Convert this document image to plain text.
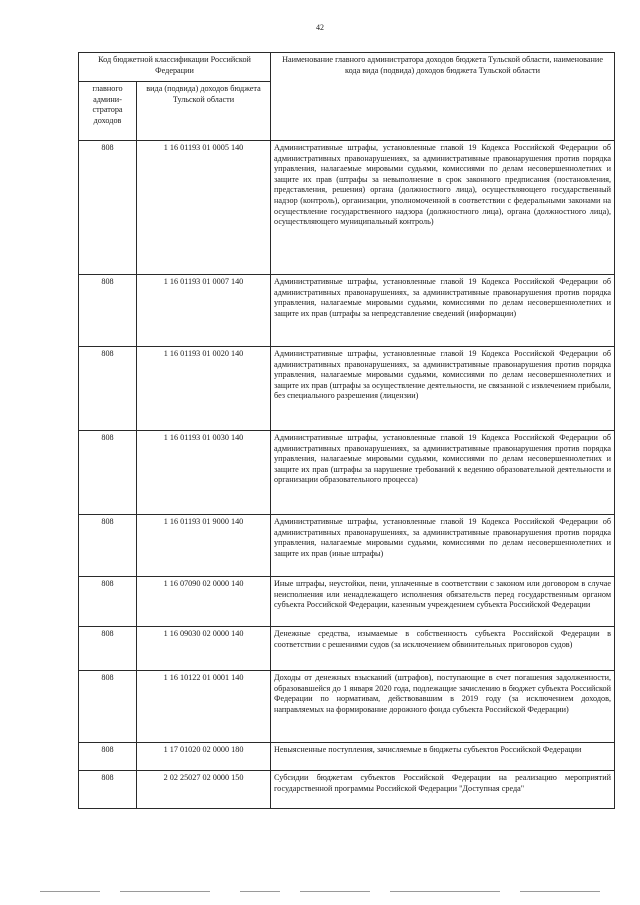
42
Код бюджетной классификации Российской Федерации		Наименование главного администратора доходов бюджета Тульской области, наименование кода вида (подвида) доходов бюджета Тульской области
главного админи-стратора доходов	вида (подвида) доходов бюджета Тульской области	
808	1 16 01193 01 0005 140	Административные штрафы, установленные главой 19 Кодекса Российской Федерации об административных правонарушениях, за административные правонарушения против порядка управления, налагаемые мировыми судьями, комиссиями по делам несовершеннолетних и защите их прав (штрафы за невыполнение в срок законного предписания (постановления, представления, решения) органа (должностного лица), осуществляющего государственный надзор (контроль), организации, уполномоченной в соответствии с федеральными законами на осуществление государственного надзора (должностного лица), органа (должностного лица), осуществляющего муниципальный контроль)
808	1 16 01193 01 0007 140	Административные штрафы, установленные главой 19 Кодекса Российской Федерации об административных правонарушениях, за административные правонарушения против порядка управления, налагаемые мировыми судьями, комиссиями по делам несовершеннолетних и защите их прав (штрафы за непредставление сведений (информации)
808	1 16 01193 01 0020 140	Административные штрафы, установленные главой 19 Кодекса Российской Федерации об административных правонарушениях, за административные правонарушения против порядка управления, налагаемые мировыми судьями, комиссиями по делам несовершеннолетних и защите их прав (штрафы за осуществление деятельности, не связанной с извлечением прибыли, без специального разрешения (лицензии)
808	1 16 01193 01 0030 140	Административные штрафы, установленные главой 19 Кодекса Российской Федерации об административных правонарушениях, за административные правонарушения против порядка управления, налагаемые мировыми судьями, комиссиями по делам несовершеннолетних и защите их прав (штрафы за нарушение требований к ведению образовательной деятельности и организации образовательного процесса)
808	1 16 01193 01 9000 140	Административные штрафы, установленные главой 19 Кодекса Российской Федерации об административных правонарушениях, за административные правонарушения против порядка управления, налагаемые мировыми судьями, комиссиями по делам несовершеннолетних и защите их прав (иные штрафы)
808	1 16 07090 02 0000 140	Иные штрафы, неустойки, пени, уплаченные в соответствии с законом или договором в случае неисполнения или ненадлежащего исполнения обязательств перед государственным органом субъекта Российской Федерации, казенным учреждением субъекта Российской Федерации
808	1 16 09030 02 0000 140	Денежные средства, изымаемые в собственность субъекта Российской Федерации в соответствии с решениями судов (за исключением обвинительных приговоров судов)
808	1 16 10122 01 0001 140	Доходы от денежных взысканий (штрафов), поступающие в счет погашения задолженности, образовавшейся до 1 января 2020 года, подлежащие зачислению в бюджет субъекта Российской Федерации по нормативам, действовавшим в 2019 году (за исключением доходов, направляемых на формирование дорожного фонда субъекта Российской Федерации)
808	1 17 01020 02 0000 180	Невыясненные поступления, зачисляемые в бюджеты субъектов Российской Федерации
808	2 02 25027 02 0000 150	Субсидии бюджетам субъектов Российской Федерации на реализацию мероприятий государственной программы Российской Федерации "Доступная среда"
